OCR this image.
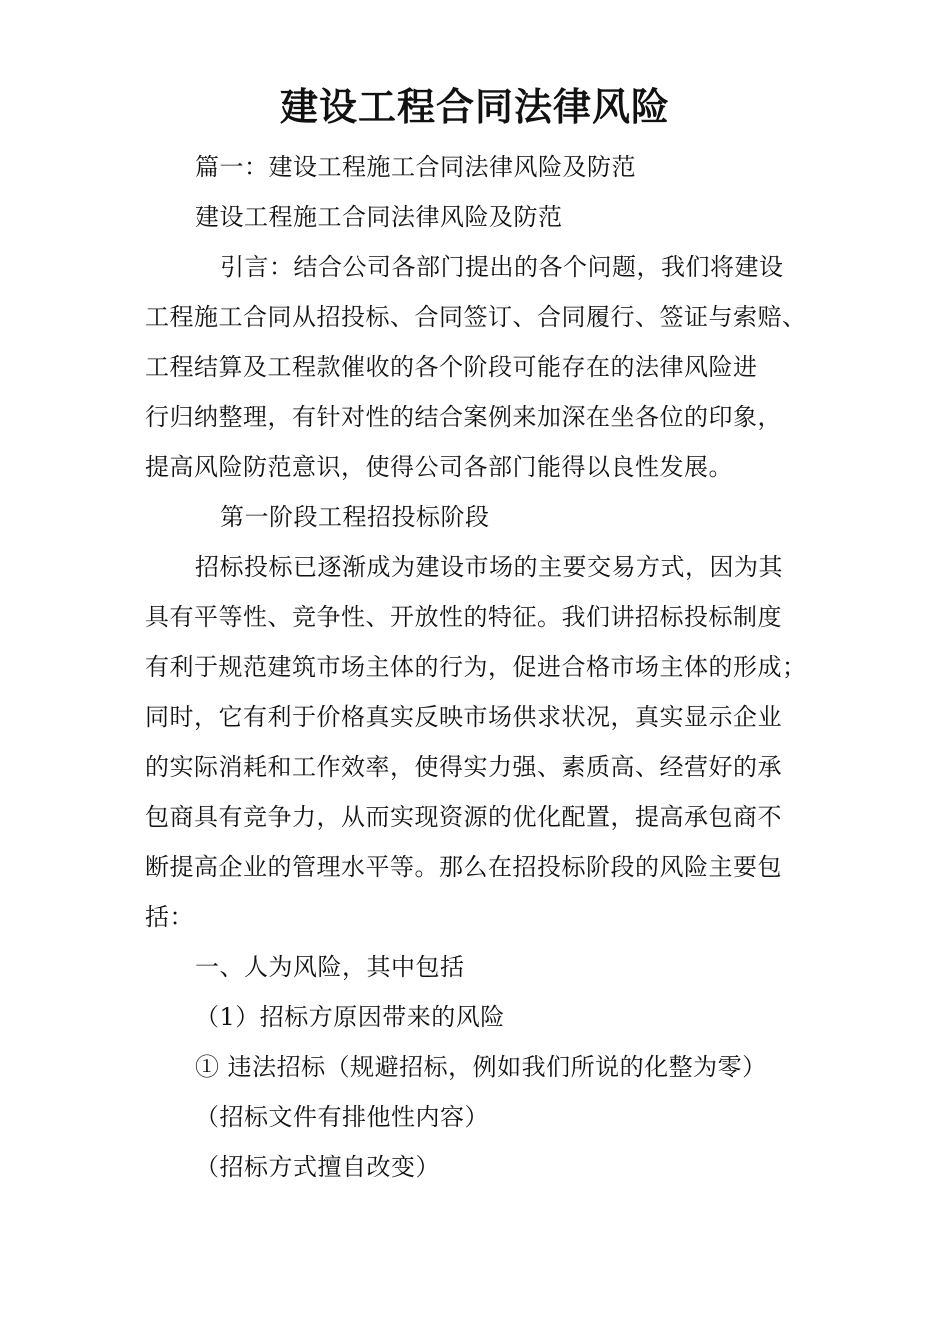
建设工程合同法律风险
篇一：建设工程施工合同法律风险及防范
建设工程施工合同法律风险及防范
引言：结合公司各部门提出的各个问题，我们将建设
工程施工合同从招投标、合同签订、合同履行、签证与索赔、
工程结算及工程款催收的各个阶段可能存在的法律风险进
行归纳整理，有针对性的结合案例来加深在坐各位的印象，
提高风险防范意识，使得公司各部门能得以良性发展。
第一阶段工程招投标阶段
招标投标已逐渐成为建设市场的主要交易方式，因为其
具有平等性、竞争性、开放性的特征。我们讲招标投标制度
有利于规范建筑市场主体的行为，促进合格市场主体的形成；
同时，它有利于价格真实反映市场供求状况，真实显示企业
的实际消耗和工作效率，使得实力强、素质高、经营好的承
包商具有竞争力，从而实现资源的优化配置，提高承包商不
断提高企业的管理水平等。那么在招投标阶段的风险主要包
括：
一、人为风险，其中包括
（1）招标方原因带来的风险
① 违法招标（规避招标，例如我们所说的化整为零）
（招标文件有排他性内容）
（招标方式擅自改变）
